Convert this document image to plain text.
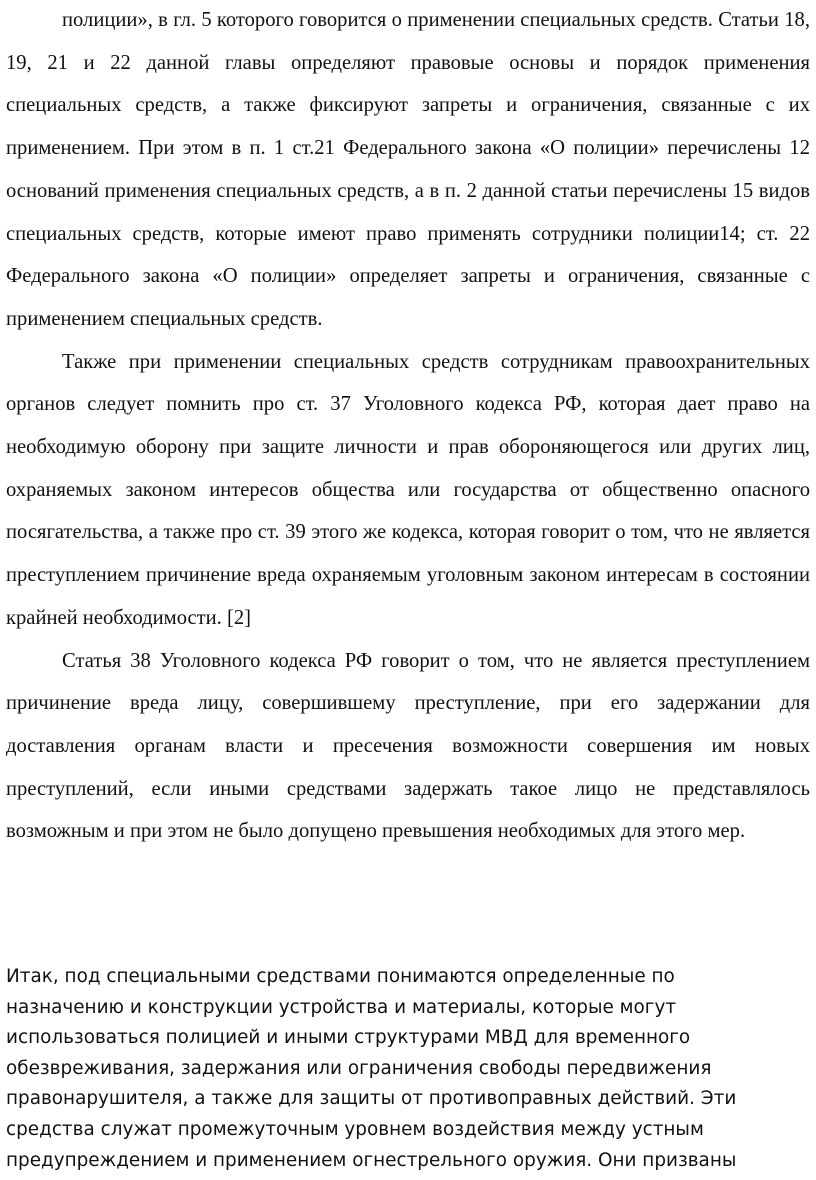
полиции», в гл. 5 которого говорится о применении специальных средств. Статьи 18, 19, 21 и 22 данной главы определяют правовые основы и порядок применения специальных средств, а также фиксируют запреты и ограничения, связанные с их применением. При этом в п. 1 ст.21 Федерального закона «О полиции» перечислены 12 оснований применения специальных средств, а в п. 2 данной статьи перечислены 15 видов специальных средств, которые имеют право применять сотрудники полиции14; ст. 22 Федерального закона «О полиции» определяет запреты и ограничения, связанные с применением специальных средств.

Также при применении специальных средств сотрудникам правоохранительных органов следует помнить про ст. 37 Уголовного кодекса РФ, которая дает право на необходимую оборону при защите личности и прав обороняющегося или других лиц, охраняемых законом интересов общества или государства от общественно опасного посягательства, а также про ст. 39 этого же кодекса, которая говорит о том, что не является преступлением причинение вреда охраняемым уголовным законом интересам в состоянии крайней необходимости. [2]

Статья 38 Уголовного кодекса РФ говорит о том, что не является преступлением причинение вреда лицу, совершившему преступление, при его задержании для доставления органам власти и пресечения возможности совершения им новых преступлений, если иными средствами задержать такое лицо не представлялось возможным и при этом не было допущено превышения необходимых для этого мер.

Итак, под специальными средствами понимаются определенные по назначению и конструкции устройства и материалы, которые могут использоваться полицией и иными структурами МВД для временного обезвреживания, задержания или ограничения свободы передвижения правонарушителя, а также для защиты от противоправных действий. Эти средства служат промежуточным уровнем воздействия между устным предупреждением и применением огнестрельного оружия. Они призваны
